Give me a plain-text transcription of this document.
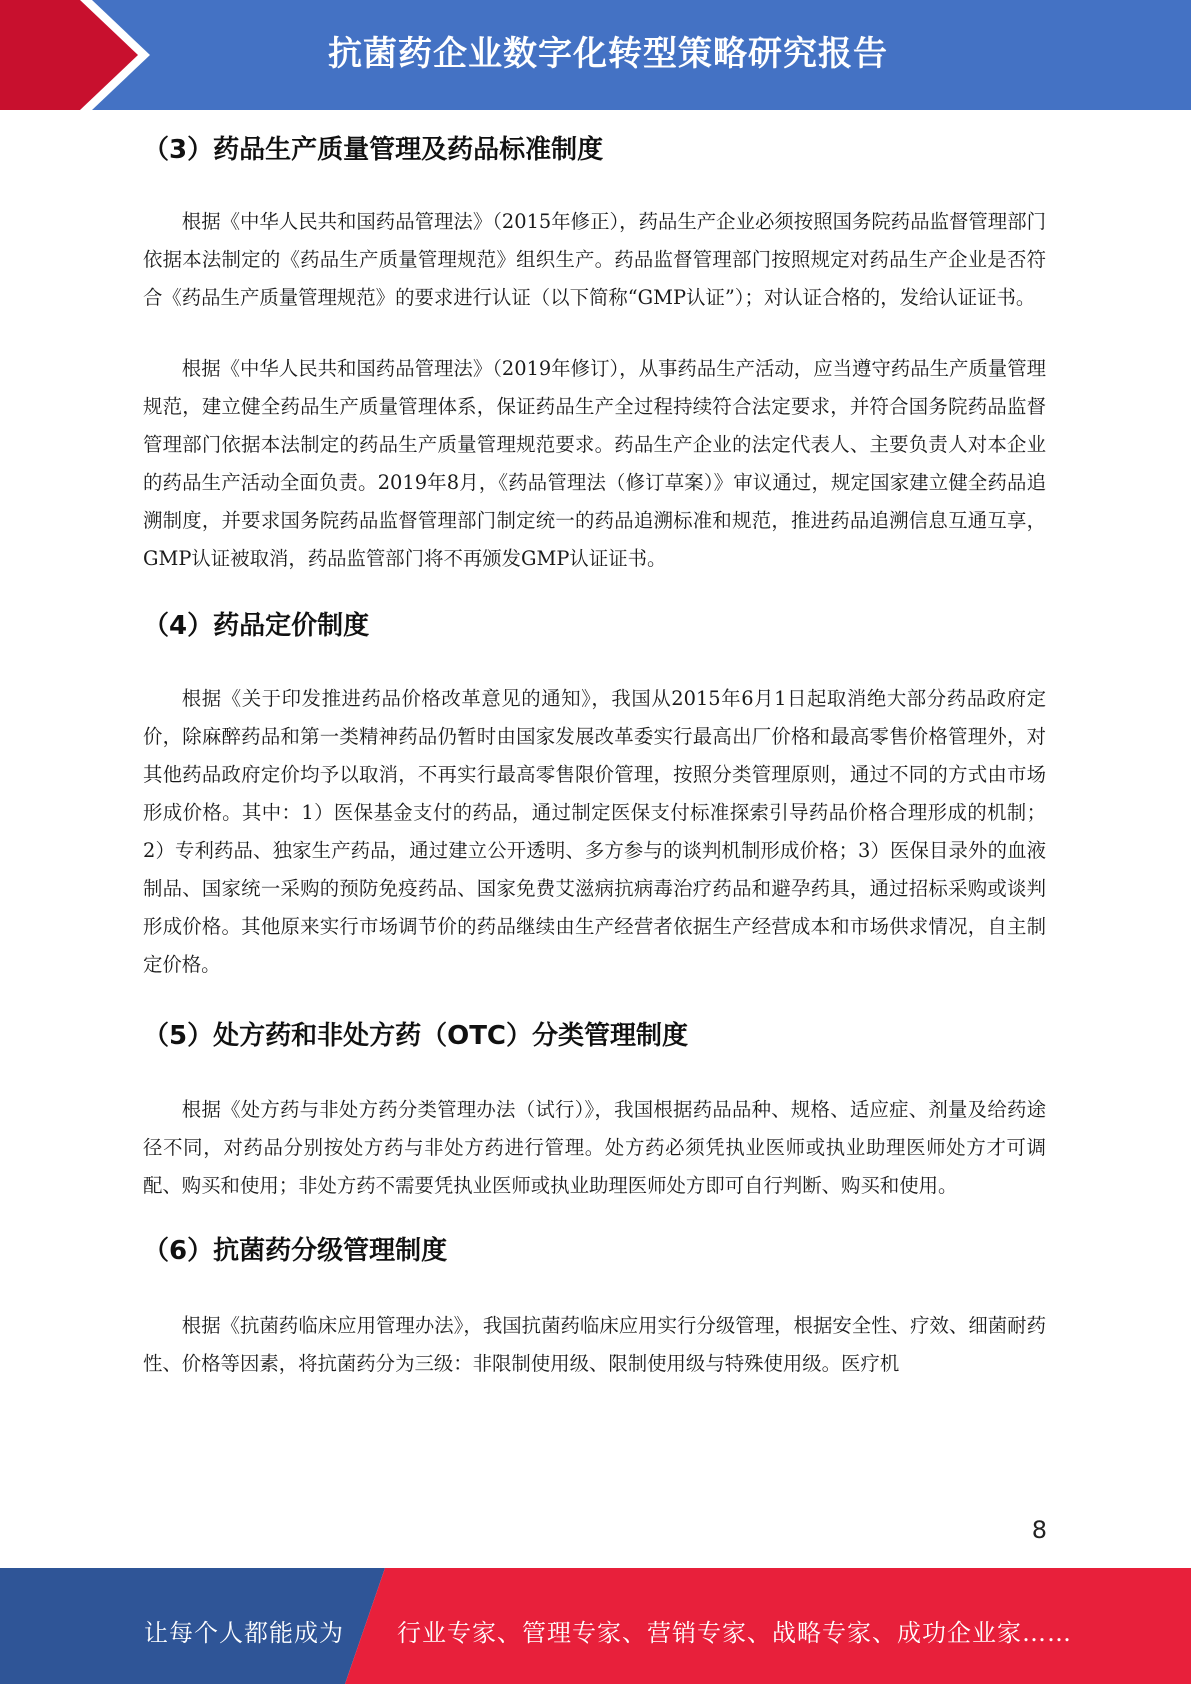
抗菌药企业数字化转型策略研究报告
（3）药品生产质量管理及药品标准制度

根据《中华人民共和国药品管理法》（2015年修正），药品生产企业必须按照国务院药品监督管理部门依据本法制定的《药品生产质量管理规范》组织生产。药品监督管理部门按照规定对药品生产企业是否符合《药品生产质量管理规范》的要求进行认证（以下简称“GMP认证”）；对认证合格的，发给认证证书。

根据《中华人民共和国药品管理法》（2019年修订），从事药品生产活动，应当遵守药品生产质量管理规范，建立健全药品生产质量管理体系，保证药品生产全过程持续符合法定要求，并符合国务院药品监督管理部门依据本法制定的药品生产质量管理规范要求。药品生产企业的法定代表人、主要负责人对本企业的药品生产活动全面负责。2019年8月，《药品管理法（修订草案）》审议通过，规定国家建立健全药品追溯制度，并要求国务院药品监督管理部门制定统一的药品追溯标准和规范，推进药品追溯信息互通互享，GMP认证被取消，药品监管部门将不再颁发GMP认证证书。

（4）药品定价制度

根据《关于印发推进药品价格改革意见的通知》，我国从2015年6月1日起取消绝大部分药品政府定价，除麻醉药品和第一类精神药品仍暂时由国家发展改革委实行最高出厂价格和最高零售价格管理外，对其他药品政府定价均予以取消，不再实行最高零售限价管理，按照分类管理原则，通过不同的方式由市场形成价格。其中：1）医保基金支付的药品，通过制定医保支付标准探索引导药品价格合理形成的机制；2）专利药品、独家生产药品，通过建立公开透明、多方参与的谈判机制形成价格；3）医保目录外的血液制品、国家统一采购的预防免疫药品、国家免费艾滋病抗病毒治疗药品和避孕药具，通过招标采购或谈判形成价格。其他原来实行市场调节价的药品继续由生产经营者依据生产经营成本和市场供求情况，自主制定价格。

（5）处方药和非处方药（OTC）分类管理制度

根据《处方药与非处方药分类管理办法（试行）》，我国根据药品品种、规格、适应症、剂量及给药途径不同，对药品分别按处方药与非处方药进行管理。处方药必须凭执业医师或执业助理医师处方才可调配、购买和使用；非处方药不需要凭执业医师或执业助理医师处方即可自行判断、购买和使用。

（6）抗菌药分级管理制度

根据《抗菌药临床应用管理办法》，我国抗菌药临床应用实行分级管理，根据安全性、疗效、细菌耐药性、价格等因素，将抗菌药分为三级：非限制使用级、限制使用级与特殊使用级。医疗机

8
让每个人都能成为 行业专家、管理专家、营销专家、战略专家、成功企业家……
